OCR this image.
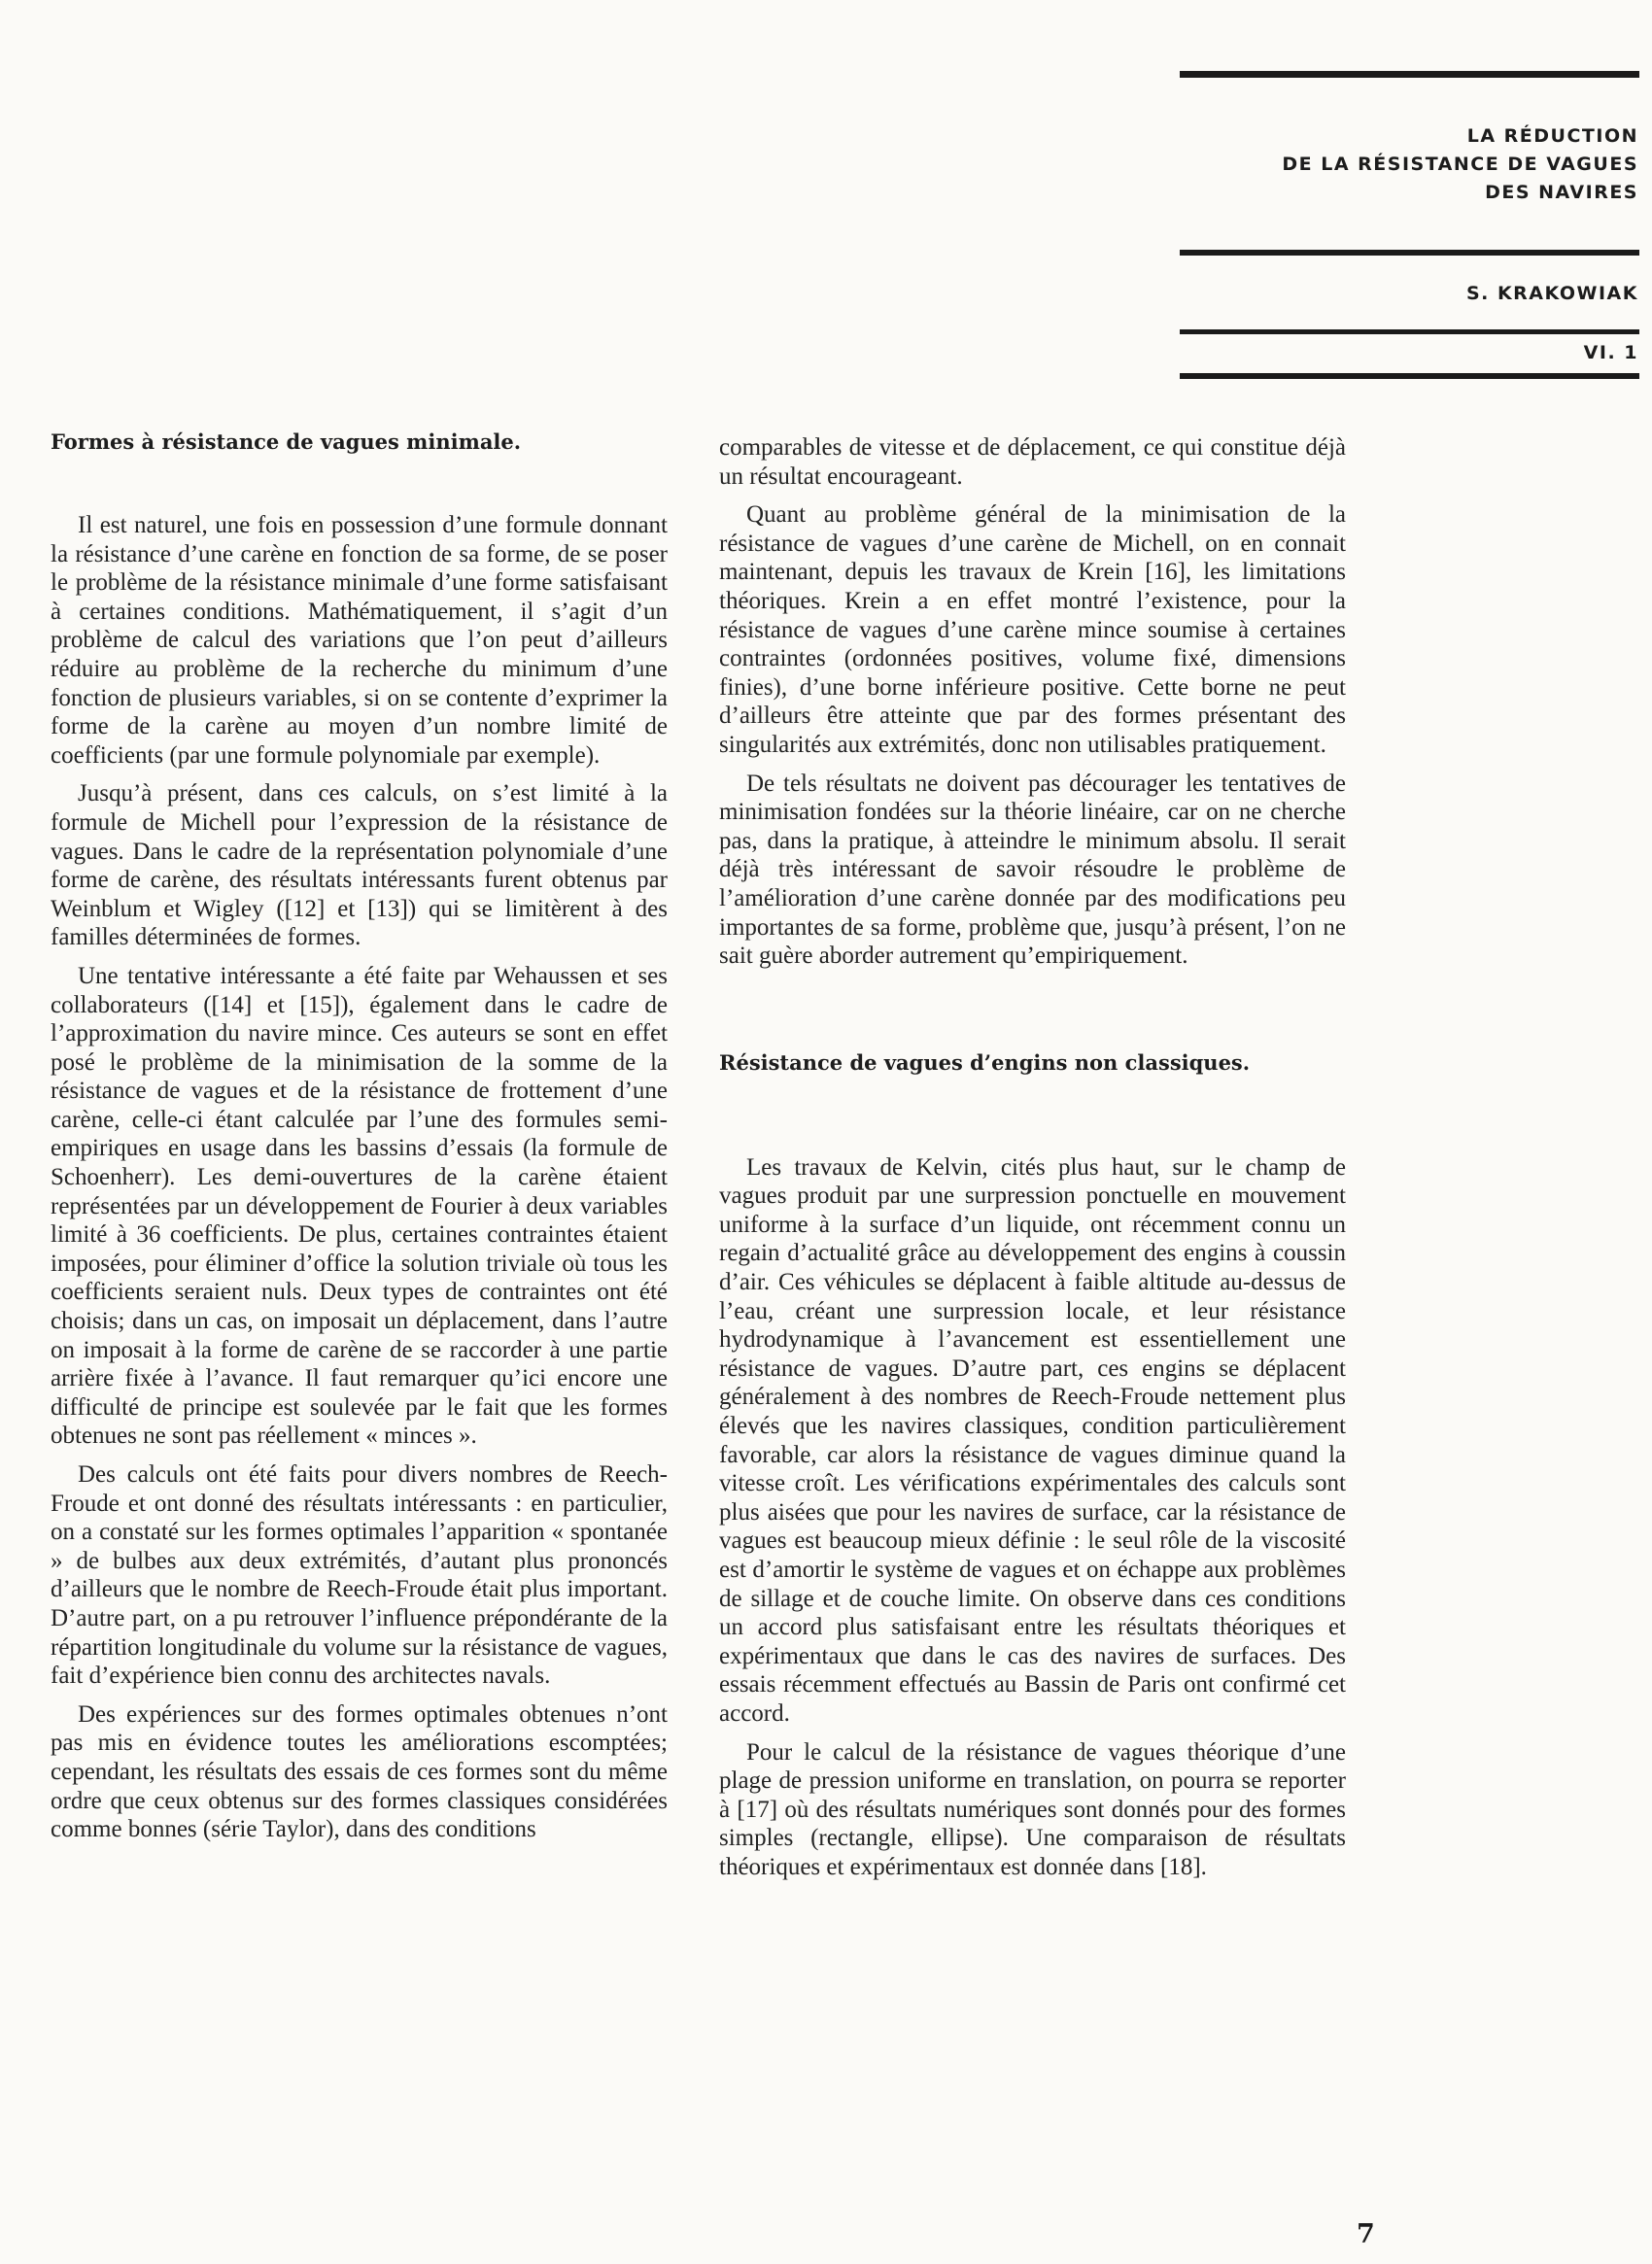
LA RÉDUCTION
DE LA RÉSISTANCE DE VAGUES
DES NAVIRES
S. KRAKOWIAK
VI. 1

Formes à résistance de vagues minimale.

Il est naturel, une fois en possession d’une formule donnant la résistance d’une carène en fonction de sa forme, de se poser le problème de la résistance minimale d’une forme satisfaisant à certaines conditions. Mathématiquement, il s’agit d’un problème de calcul des variations que l’on peut d’ailleurs réduire au problème de la recherche du minimum d’une fonction de plusieurs variables, si on se contente d’exprimer la forme de la carène au moyen d’un nombre limité de coefficients (par une formule polynomiale par exemple).

Jusqu’à présent, dans ces calculs, on s’est limité à la formule de Michell pour l’expression de la résistance de vagues. Dans le cadre de la représentation polynomiale d’une forme de carène, des résultats intéressants furent obtenus par Weinblum et Wigley ([12] et [13]) qui se limitèrent à des familles déterminées de formes.

Une tentative intéressante a été faite par Wehaussen et ses collaborateurs ([14] et [15]), également dans le cadre de l’approximation du navire mince. Ces auteurs se sont en effet posé le problème de la minimisation de la somme de la résistance de vagues et de la résistance de frottement d’une carène, celle-ci étant calculée par l’une des formules semi-empiriques en usage dans les bassins d’essais (la formule de Schoenherr). Les demi-ouvertures de la carène étaient représentées par un développement de Fourier à deux variables limité à 36 coefficients. De plus, certaines contraintes étaient imposées, pour éliminer d’office la solution triviale où tous les coefficients seraient nuls. Deux types de contraintes ont été choisis; dans un cas, on imposait un déplacement, dans l’autre on imposait à la forme de carène de se raccorder à une partie arrière fixée à l’avance. Il faut remarquer qu’ici encore une difficulté de principe est soulevée par le fait que les formes obtenues ne sont pas réellement « minces ».

Des calculs ont été faits pour divers nombres de Reech-Froude et ont donné des résultats intéressants : en particulier, on a constaté sur les formes optimales l’apparition « spontanée » de bulbes aux deux extrémités, d’autant plus prononcés d’ailleurs que le nombre de Reech-Froude était plus important. D’autre part, on a pu retrouver l’influence prépondérante de la répartition longitudinale du volume sur la résistance de vagues, fait d’expérience bien connu des architectes navals.

Des expériences sur des formes optimales obtenues n’ont pas mis en évidence toutes les améliorations escomptées; cependant, les résultats des essais de ces formes sont du même ordre que ceux obtenus sur des formes classiques considérées comme bonnes (série Taylor), dans des conditions

comparables de vitesse et de déplacement, ce qui constitue déjà un résultat encourageant.

Quant au problème général de la minimisation de la résistance de vagues d’une carène de Michell, on en connait maintenant, depuis les travaux de Krein [16], les limitations théoriques. Krein a en effet montré l’existence, pour la résistance de vagues d’une carène mince soumise à certaines contraintes (ordonnées positives, volume fixé, dimensions finies), d’une borne inférieure positive. Cette borne ne peut d’ailleurs être atteinte que par des formes présentant des singularités aux extrémités, donc non utilisables pratiquement.

De tels résultats ne doivent pas décourager les tentatives de minimisation fondées sur la théorie linéaire, car on ne cherche pas, dans la pratique, à atteindre le minimum absolu. Il serait déjà très intéressant de savoir résoudre le problème de l’amélioration d’une carène donnée par des modifications peu importantes de sa forme, problème que, jusqu’à présent, l’on ne sait guère aborder autrement qu’empiriquement.

Résistance de vagues d’engins non classiques.

Les travaux de Kelvin, cités plus haut, sur le champ de vagues produit par une surpression ponctuelle en mouvement uniforme à la surface d’un liquide, ont récemment connu un regain d’actualité grâce au développement des engins à coussin d’air. Ces véhicules se déplacent à faible altitude au-dessus de l’eau, créant une surpression locale, et leur résistance hydrodynamique à l’avancement est essentiellement une résistance de vagues. D’autre part, ces engins se déplacent généralement à des nombres de Reech-Froude nettement plus élevés que les navires classiques, condition particulièrement favorable, car alors la résistance de vagues diminue quand la vitesse croît. Les vérifications expérimentales des calculs sont plus aisées que pour les navires de surface, car la résistance de vagues est beaucoup mieux définie : le seul rôle de la viscosité est d’amortir le système de vagues et on échappe aux problèmes de sillage et de couche limite. On observe dans ces conditions un accord plus satisfaisant entre les résultats théoriques et expérimentaux que dans le cas des navires de surfaces. Des essais récemment effectués au Bassin de Paris ont confirmé cet accord.

Pour le calcul de la résistance de vagues théorique d’une plage de pression uniforme en translation, on pourra se reporter à [17] où des résultats numériques sont donnés pour des formes simples (rectangle, ellipse). Une comparaison de résultats théoriques et expérimentaux est donnée dans [18].

7
